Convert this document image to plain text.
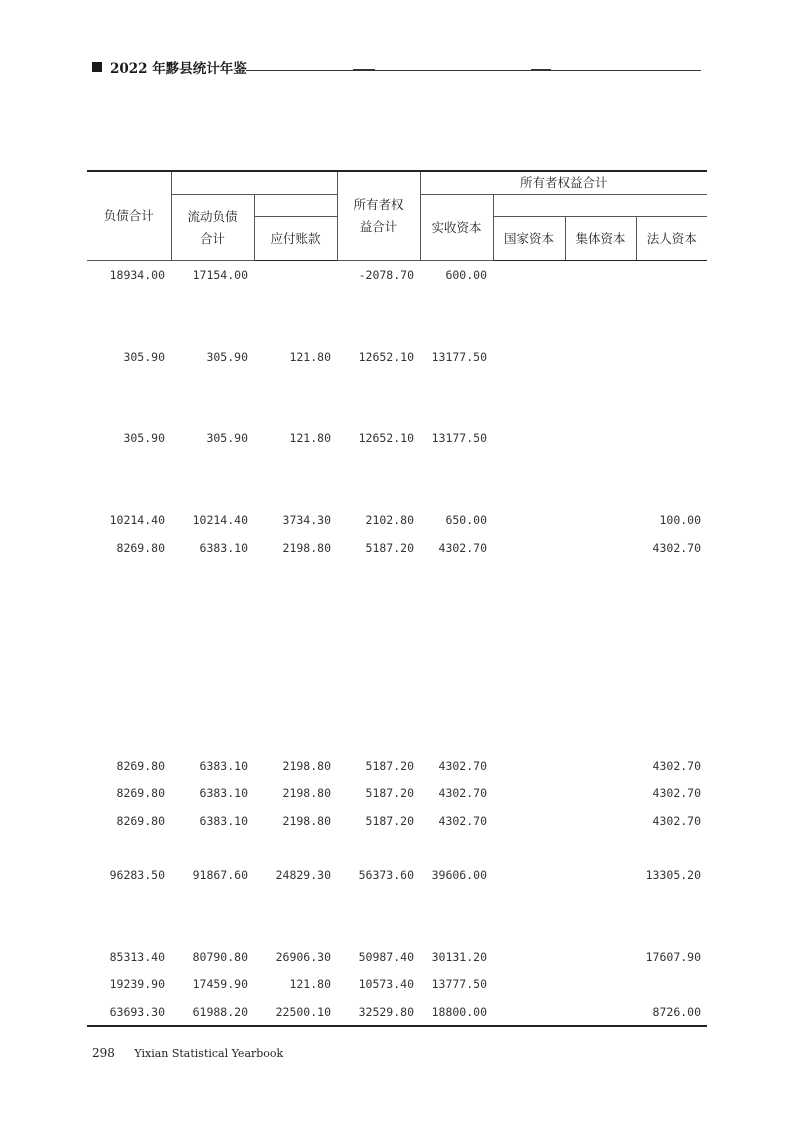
2022 年黟县统计年鉴
负债合计			所有者权益合计	所有者权益合计			
	流动负债合计			实收资本			
		应付账款			国家资本	集体资本	法人资本
18934.00	17154.00		-2078.70	600.00			

305.90	305.90	121.80	12652.10	13177.50			

305.90	305.90	121.80	12652.10	13177.50			

10214.40	10214.40	3734.30	2102.80	650.00			100.00
8269.80	6383.10	2198.80	5187.20	4302.70			4302.70

8269.80	6383.10	2198.80	5187.20	4302.70			4302.70
8269.80	6383.10	2198.80	5187.20	4302.70			4302.70
8269.80	6383.10	2198.80	5187.20	4302.70			4302.70

96283.50	91867.60	24829.30	56373.60	39606.00			13305.20

85313.40	80790.80	26906.30	50987.40	30131.20			17607.90
19239.90	17459.90	121.80	10573.40	13777.50			
63693.30	61988.20	22500.10	32529.80	18800.00			8726.00
298 Yixian Statistical Yearbook
